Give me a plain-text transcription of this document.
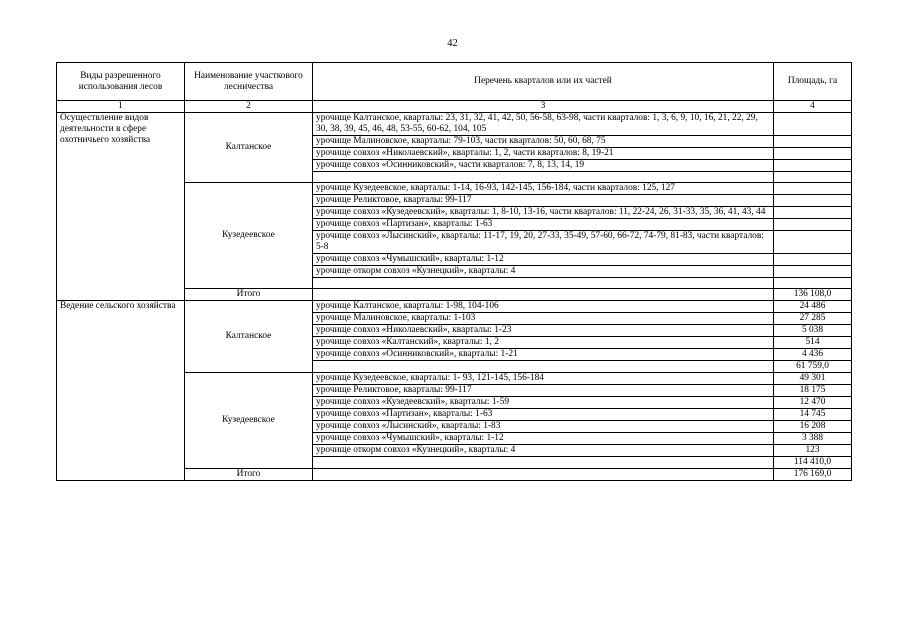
42
Виды разрешенного использования лесов	Наименование участкового лесничества	Перечень кварталов или их частей	Площадь, га
1	2	3	4
Осуществление видов деятельности в сфере охотничьего хозяйства	Калтанское	урочище Калтанское, кварталы: 23, 31, 32, 41, 42, 50, 56-58, 63-98, части кварталов: 1, 3, 6, 9, 10, 16, 21, 22, 29, 30, 38, 39, 45, 46, 48, 53-55, 60-62, 104, 105	
		урочище Малиновское, кварталы: 79-103, части кварталов: 50, 60, 68, 75	
		урочище совхоз «Николаевский», кварталы: 1, 2, части кварталов: 8, 19-21	
		урочище совхоз «Осинниковский», части кварталов: 7, 8, 13, 14, 19	

	Кузедеевское	урочище Кузедеевское, кварталы: 1-14, 16-93, 142-145, 156-184, части кварталов: 125, 127	
		урочище Реликтовое, кварталы: 99-117	
		урочище совхоз «Кузедеевский», кварталы: 1, 8-10, 13-16, части кварталов: 11, 22-24, 26, 31-33, 35, 36, 41, 43, 44	
		урочище совхоз «Партизан», кварталы: 1-63	
		урочище совхоз «Лысинский», кварталы: 11-17, 19, 20, 27-33, 35-49, 57-60, 66-72, 74-79, 81-83, части кварталов: 5-8	
		урочище совхоз «Чумышский», кварталы: 1-12	
		урочище откорм совхоз «Кузнецкий», кварталы: 4	

	Итого		136 108,0
Ведение сельского хозяйства	Калтанское	урочище Калтанское, кварталы: 1-98, 104-106	24 486
		урочище Малиновское, кварталы: 1-103	27 285
		урочище совхоз «Николаевский», кварталы: 1-23	5 038
		урочище совхоз «Калтанский», кварталы: 1, 2	514
		урочище совхоз «Осинниковский», кварталы: 1-21	4 436
			61 759,0
	Кузедеевское	урочище Кузедеевское, кварталы: 1- 93, 121-145, 156-184	49 301
		урочище Реликтовое, кварталы: 99-117	18 175
		урочище совхоз «Кузедеевский», кварталы: 1-59	12 470
		урочище совхоз «Партизан», кварталы: 1-63	14 745
		урочище совхоз «Лысинский», кварталы: 1-83	16 208
		урочище совхоз «Чумышский», кварталы: 1-12	3 388
		урочище откорм совхоз «Кузнецкий», кварталы: 4	123
			114 410,0
	Итого		176 169,0
